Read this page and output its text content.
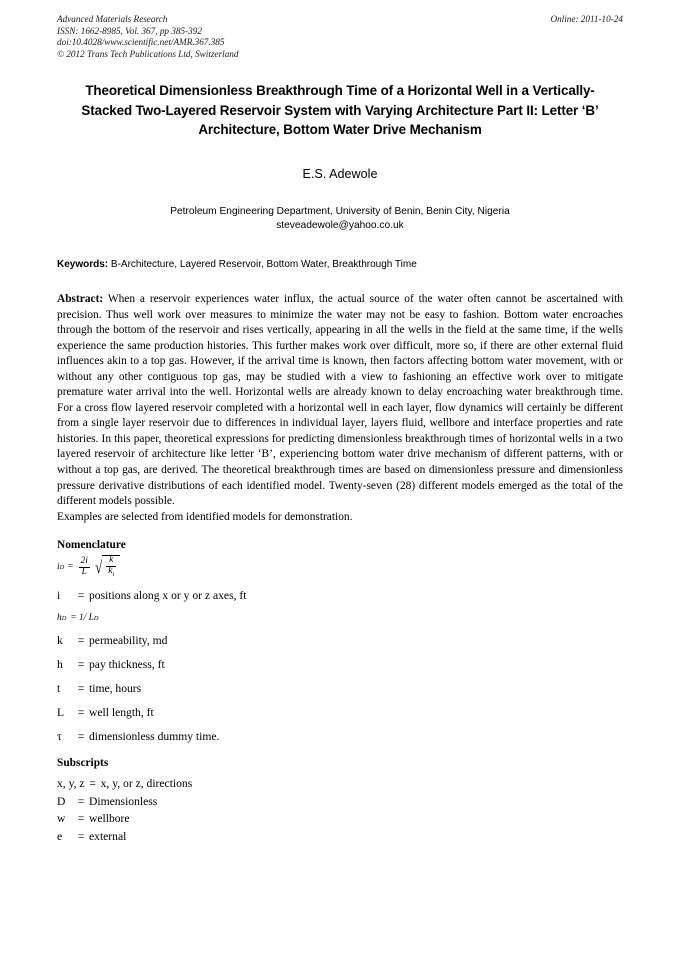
Advanced Materials Research
ISSN: 1662-8985, Vol. 367, pp 385-392
doi:10.4028/www.scientific.net/AMR.367.385
© 2012 Trans Tech Publications Ltd, Switzerland
Online: 2011-10-24
Theoretical Dimensionless Breakthrough Time of a Horizontal Well in a Vertically-Stacked Two-Layered Reservoir System with Varying Architecture Part II: Letter ‘B’ Architecture, Bottom Water Drive Mechanism
E.S. Adewole
Petroleum Engineering Department, University of Benin, Benin City, Nigeria
steveadewole@yahoo.co.uk
Keywords: B-Architecture, Layered Reservoir, Bottom Water, Breakthrough Time
Abstract: When a reservoir experiences water influx, the actual source of the water often cannot be ascertained with precision. Thus well work over measures to minimize the water may not be easy to fashion. Bottom water encroaches through the bottom of the reservoir and rises vertically, appearing in all the wells in the field at the same time, if the wells experience the same production histories. This further makes work over difficult, more so, if there are other external fluid influences akin to a top gas. However, if the arrival time is known, then factors affecting bottom water movement, with or without any other contiguous top gas, may be studied with a view to fashioning an effective work over to mitigate premature water arrival into the well. Horizontal wells are already known to delay encroaching water breakthrough time. For a cross flow layered reservoir completed with a horizontal well in each layer, flow dynamics will certainly be different from a single layer reservoir due to differences in individual layer, layers fluid, wellbore and interface properties and rate histories. In this paper, theoretical expressions for predicting dimensionless breakthrough times of horizontal wells in a two layered reservoir of architecture like letter ‘B’, experiencing bottom water drive mechanism of different patterns, with or without a top gas, are derived. The theoretical breakthrough times are based on dimensionless pressure and dimensionless pressure derivative distributions of each identified model. Twenty-seven (28) different models emerged as the total of the different models possible.
Examples are selected from identified models for demonstration.
Nomenclature
i $D = \frac{2i}{L}$ √ $\frac{k}{k_i}$
i	= positions along x or y or z axes, ft
h D = 1/ L D
k	= permeability, md
h	= pay thickness, ft
t	= time, hours
L	= well length, ft
τ	= dimensionless dummy time.
Subscripts
x, y, z = x, y, or z, directions
D = Dimensionless
w = wellbore
e = external
